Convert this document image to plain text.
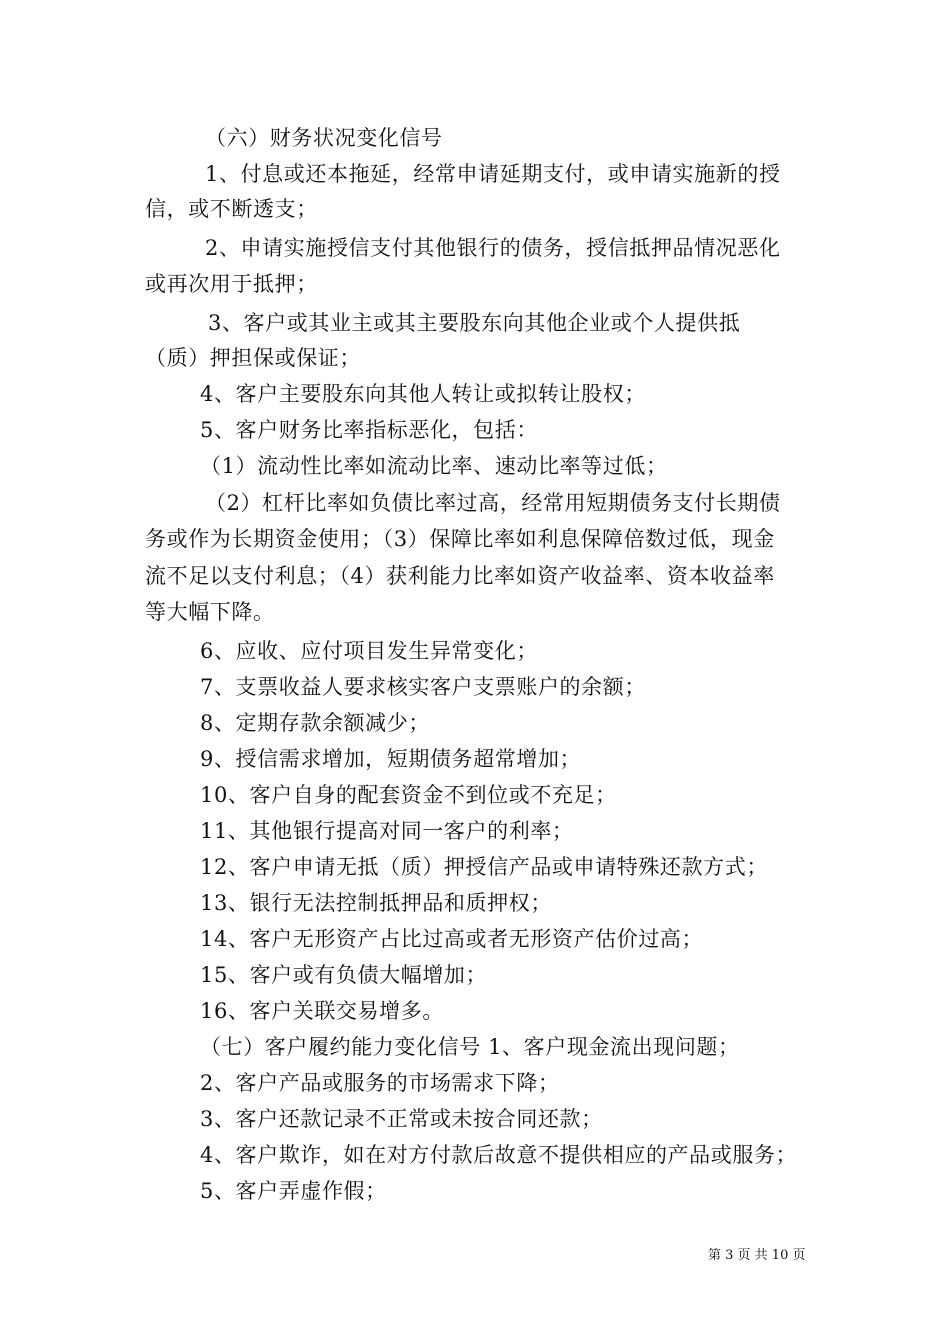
（六）财务状况变化信号
1、付息或还本拖延，经常申请延期支付，或申请实施新的授
信，或不断透支；
2、申请实施授信支付其他银行的债务，授信抵押品情况恶化
或再次用于抵押；
3、客户或其业主或其主要股东向其他企业或个人提供抵
（质）押担保或保证；
4、客户主要股东向其他人转让或拟转让股权；
5、客户财务比率指标恶化，包括：
（1）流动性比率如流动比率、速动比率等过低；
（2）杠杆比率如负债比率过高，经常用短期债务支付长期债
务或作为长期资金使用；（3）保障比率如利息保障倍数过低，现金
流不足以支付利息；（4）获利能力比率如资产收益率、资本收益率
等大幅下降。
6、应收、应付项目发生异常变化；
7、支票收益人要求核实客户支票账户的余额；
8、定期存款余额减少；
9、授信需求增加，短期债务超常增加；
10、客户自身的配套资金不到位或不充足；
11、其他银行提高对同一客户的利率；
12、客户申请无抵（质）押授信产品或申请特殊还款方式；
13、银行无法控制抵押品和质押权；
14、客户无形资产占比过高或者无形资产估价过高；
15、客户或有负债大幅增加；
16、客户关联交易增多。
（七）客户履约能力变化信号 1、客户现金流出现问题；
2、客户产品或服务的市场需求下降；
3、客户还款记录不正常或未按合同还款；
4、客户欺诈，如在对方付款后故意不提供相应的产品或服务；
5、客户弄虚作假；
第 3 页 共 10 页
